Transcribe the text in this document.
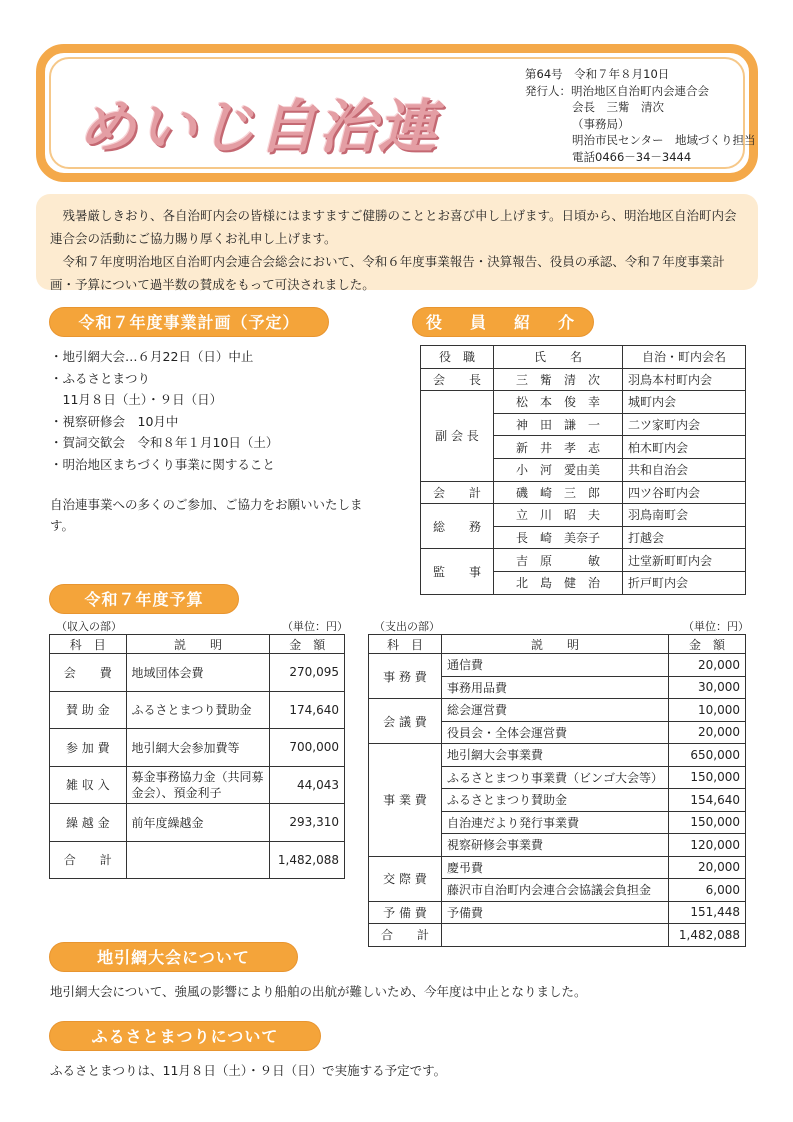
めいじ自治連
第64号　令和７年８月10日
発行人：明治地区自治町内会連合会
会長　三觜　清次
（事務局）
明治市民センター　地域づくり担当
電話0466－34－3444

残暑厳しきおり、各自治町内会の皆様にはますますご健勝のこととお喜び申し上げます。日頃から、明治地区自治町内会連合会の活動にご協力賜り厚くお礼申し上げます。

令和７年度明治地区自治町内会連合会総会において、令和６年度事業報告・決算報告、役員の承認、令和７年度事業計画・予算について過半数の賛成をもって可決されました。

令和７年度事業計画（予定）
・地引網大会…６月22日（日）中止
・ふるさとまつり
　11月８日（土）・９日（日）
・視察研修会　10月中
・賀詞交歓会　令和８年１月10日（土）
・明治地区まちづくり事業に関すること
自治連事業への多くのご参加、ご協力をお願いいたします。
役　員　紹　介
役　職	氏　　名	自治・町内会名
会　　長	三　觜　清　次	羽鳥本村町内会
副 会 長	松　本　俊　幸	城町内会
	神　田　謙　一	二ツ家町内会
	新　井　孝　志	柏木町内会
	小　河　愛由美	共和自治会
会　　計	磯　崎　三　郎	四ツ谷町内会
総　　務	立　川　昭　夫	羽鳥南町会
	長　崎　美奈子	打越会
監　　事	吉　原　　　敏	辻堂新町町内会
	北　島　健　治	折戸町内会
令和７年度予算
（収入の部）	（単位：円）
科　目	説　　明	金　額
会　　費	地域団体会費	270,095
賛 助 金	ふるさとまつり賛助金	174,640
参 加 費	地引網大会参加費等	700,000
雑 収 入	募金事務協力金（共同募金会）、預金利子	44,043
繰 越 金	前年度繰越金	293,310
合　　計		1,482,088
（支出の部）	（単位：円）
科　目	説　　明	金　額
事 務 費	通信費	20,000
	事務用品費	30,000
会 議 費	総会運営費	10,000
	役員会・全体会運営費	20,000
事 業 費	地引網大会事業費	650,000
	ふるさとまつり事業費（ビンゴ大会等）	150,000
	ふるさとまつり賛助金	154,640
	自治連だより発行事業費	150,000
	視察研修会事業費	120,000
交 際 費	慶弔費	20,000
	藤沢市自治町内会連合会協議会負担金	6,000
予 備 費	予備費	151,448
合　　計		1,482,088
地引網大会について
地引網大会について、強風の影響により船舶の出航が難しいため、今年度は中止となりました。
ふるさとまつりについて
ふるさとまつりは、11月８日（土）・９日（日）で実施する予定です。
